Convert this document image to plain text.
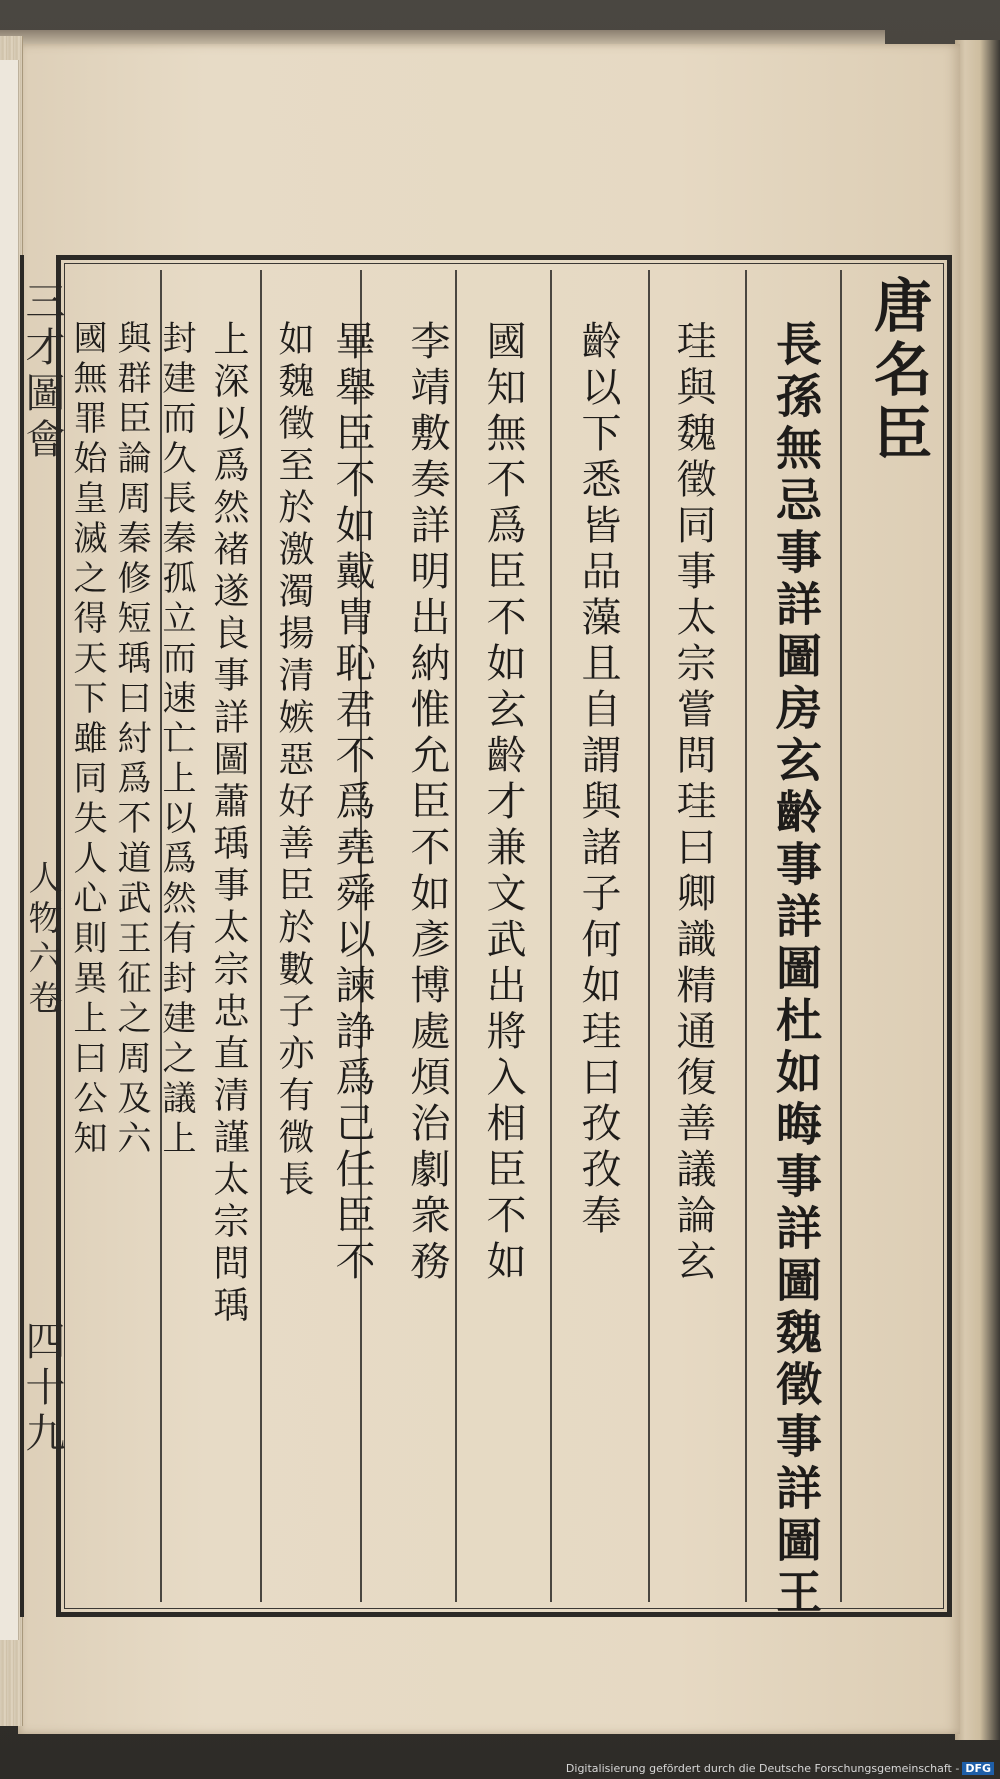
三才圖會
人物六卷
四十九
唐名臣
長孫無忌事詳圖房玄齡事詳圖杜如晦事詳圖魏徵事詳圖王
珪與魏徵同事太宗嘗問珪曰卿識精通復善議論玄
齡以下悉皆品藻且自謂與諸子何如珪曰孜孜奉
國知無不爲臣不如玄齡才兼文武出將入相臣不如
李靖敷奏詳明出納惟允臣不如彥博處煩治劇衆務
畢舉臣不如戴胄恥君不爲堯舜以諫諍爲己任臣不
如魏徵至於激濁揚清嫉惡好善臣於數子亦有微長
上深以爲然褚遂良事詳圖蕭瑀事太宗忠直清謹太宗問瑀
封建而久長秦孤立而速亡上以爲然有封建之議上
與群臣論周秦修短瑀曰紂爲不道武王征之周及六
國無罪始皇滅之得天下雖同失人心則異上曰公知
Digitalisierung gefördert durch die Deutsche Forschungsgemeinschaft - DFG
